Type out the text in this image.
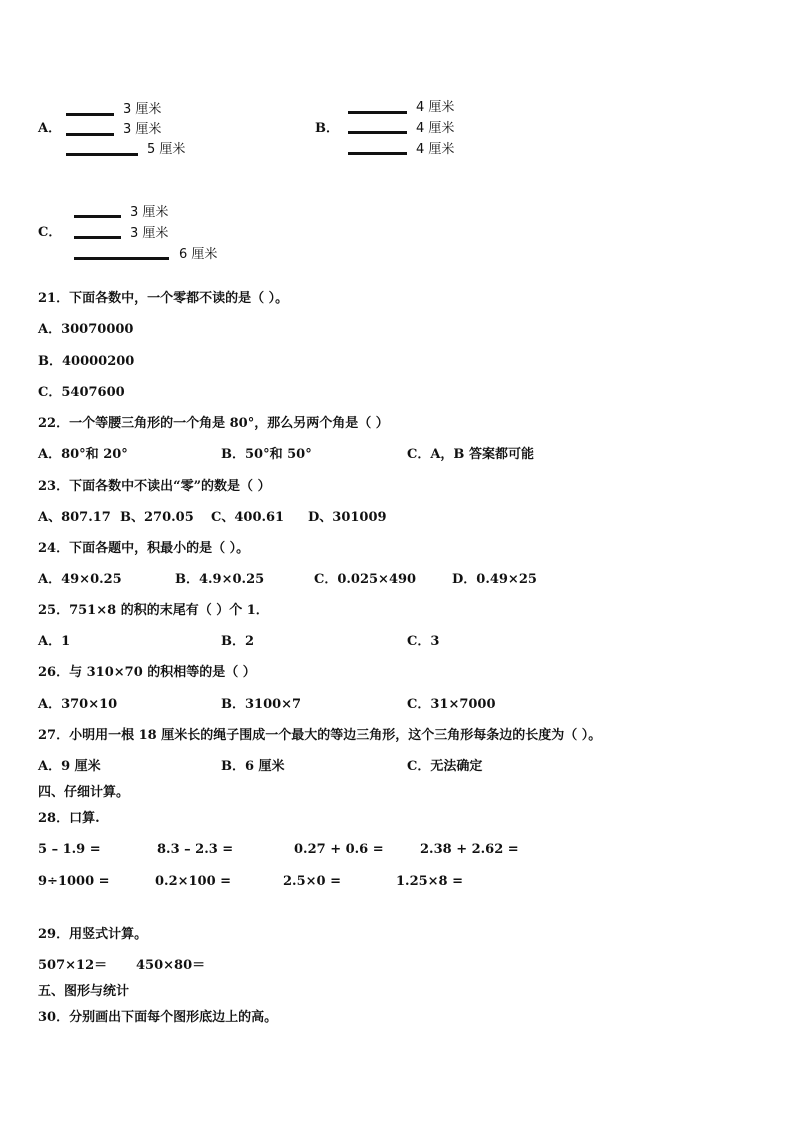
A．
3 厘米
3 厘米
5 厘米
B．
4 厘米
4 厘米
4 厘米
C．
3 厘米
3 厘米
6 厘米
21．下面各数中，一个零都不读的是（ ）。
A．30070000
B．40000200
C．5407600
22．一个等腰三角形的一个角是 80°，那么另两个角是（ ）
A．80°和 20°	B．50°和 50°	C．A，B 答案都可能
23．下面各数中不读出“零”的数是（ ）
A、807.17 B、270.05 C、400.61 D、301009
24．下面各题中，积最小的是（ ）。
A．49×0.25	B．4.9×0.25	C．0.025×490	D．0.49×25
25．751×8 的积的末尾有（ ）个 1．
A．1	B．2	C．3
26．与 310×70 的积相等的是（ ）
A．370×10	B．3100×7	C．31×7000
27．小明用一根 18 厘米长的绳子围成一个最大的等边三角形，这个三角形每条边的长度为（ ）。
A．9 厘米	B．6 厘米	C．无法确定
四、仔细计算。
28．口算.
5 – 1.9 =	8.3 – 2.3 =	0.27 + 0.6 =	2.38 + 2.62 =
9÷1000 =	0.2×100 =	2.5×0 =	1.25×8 =
29．用竖式计算。
507×12＝ 450×80＝
五、图形与统计
30．分别画出下面每个图形底边上的高。
